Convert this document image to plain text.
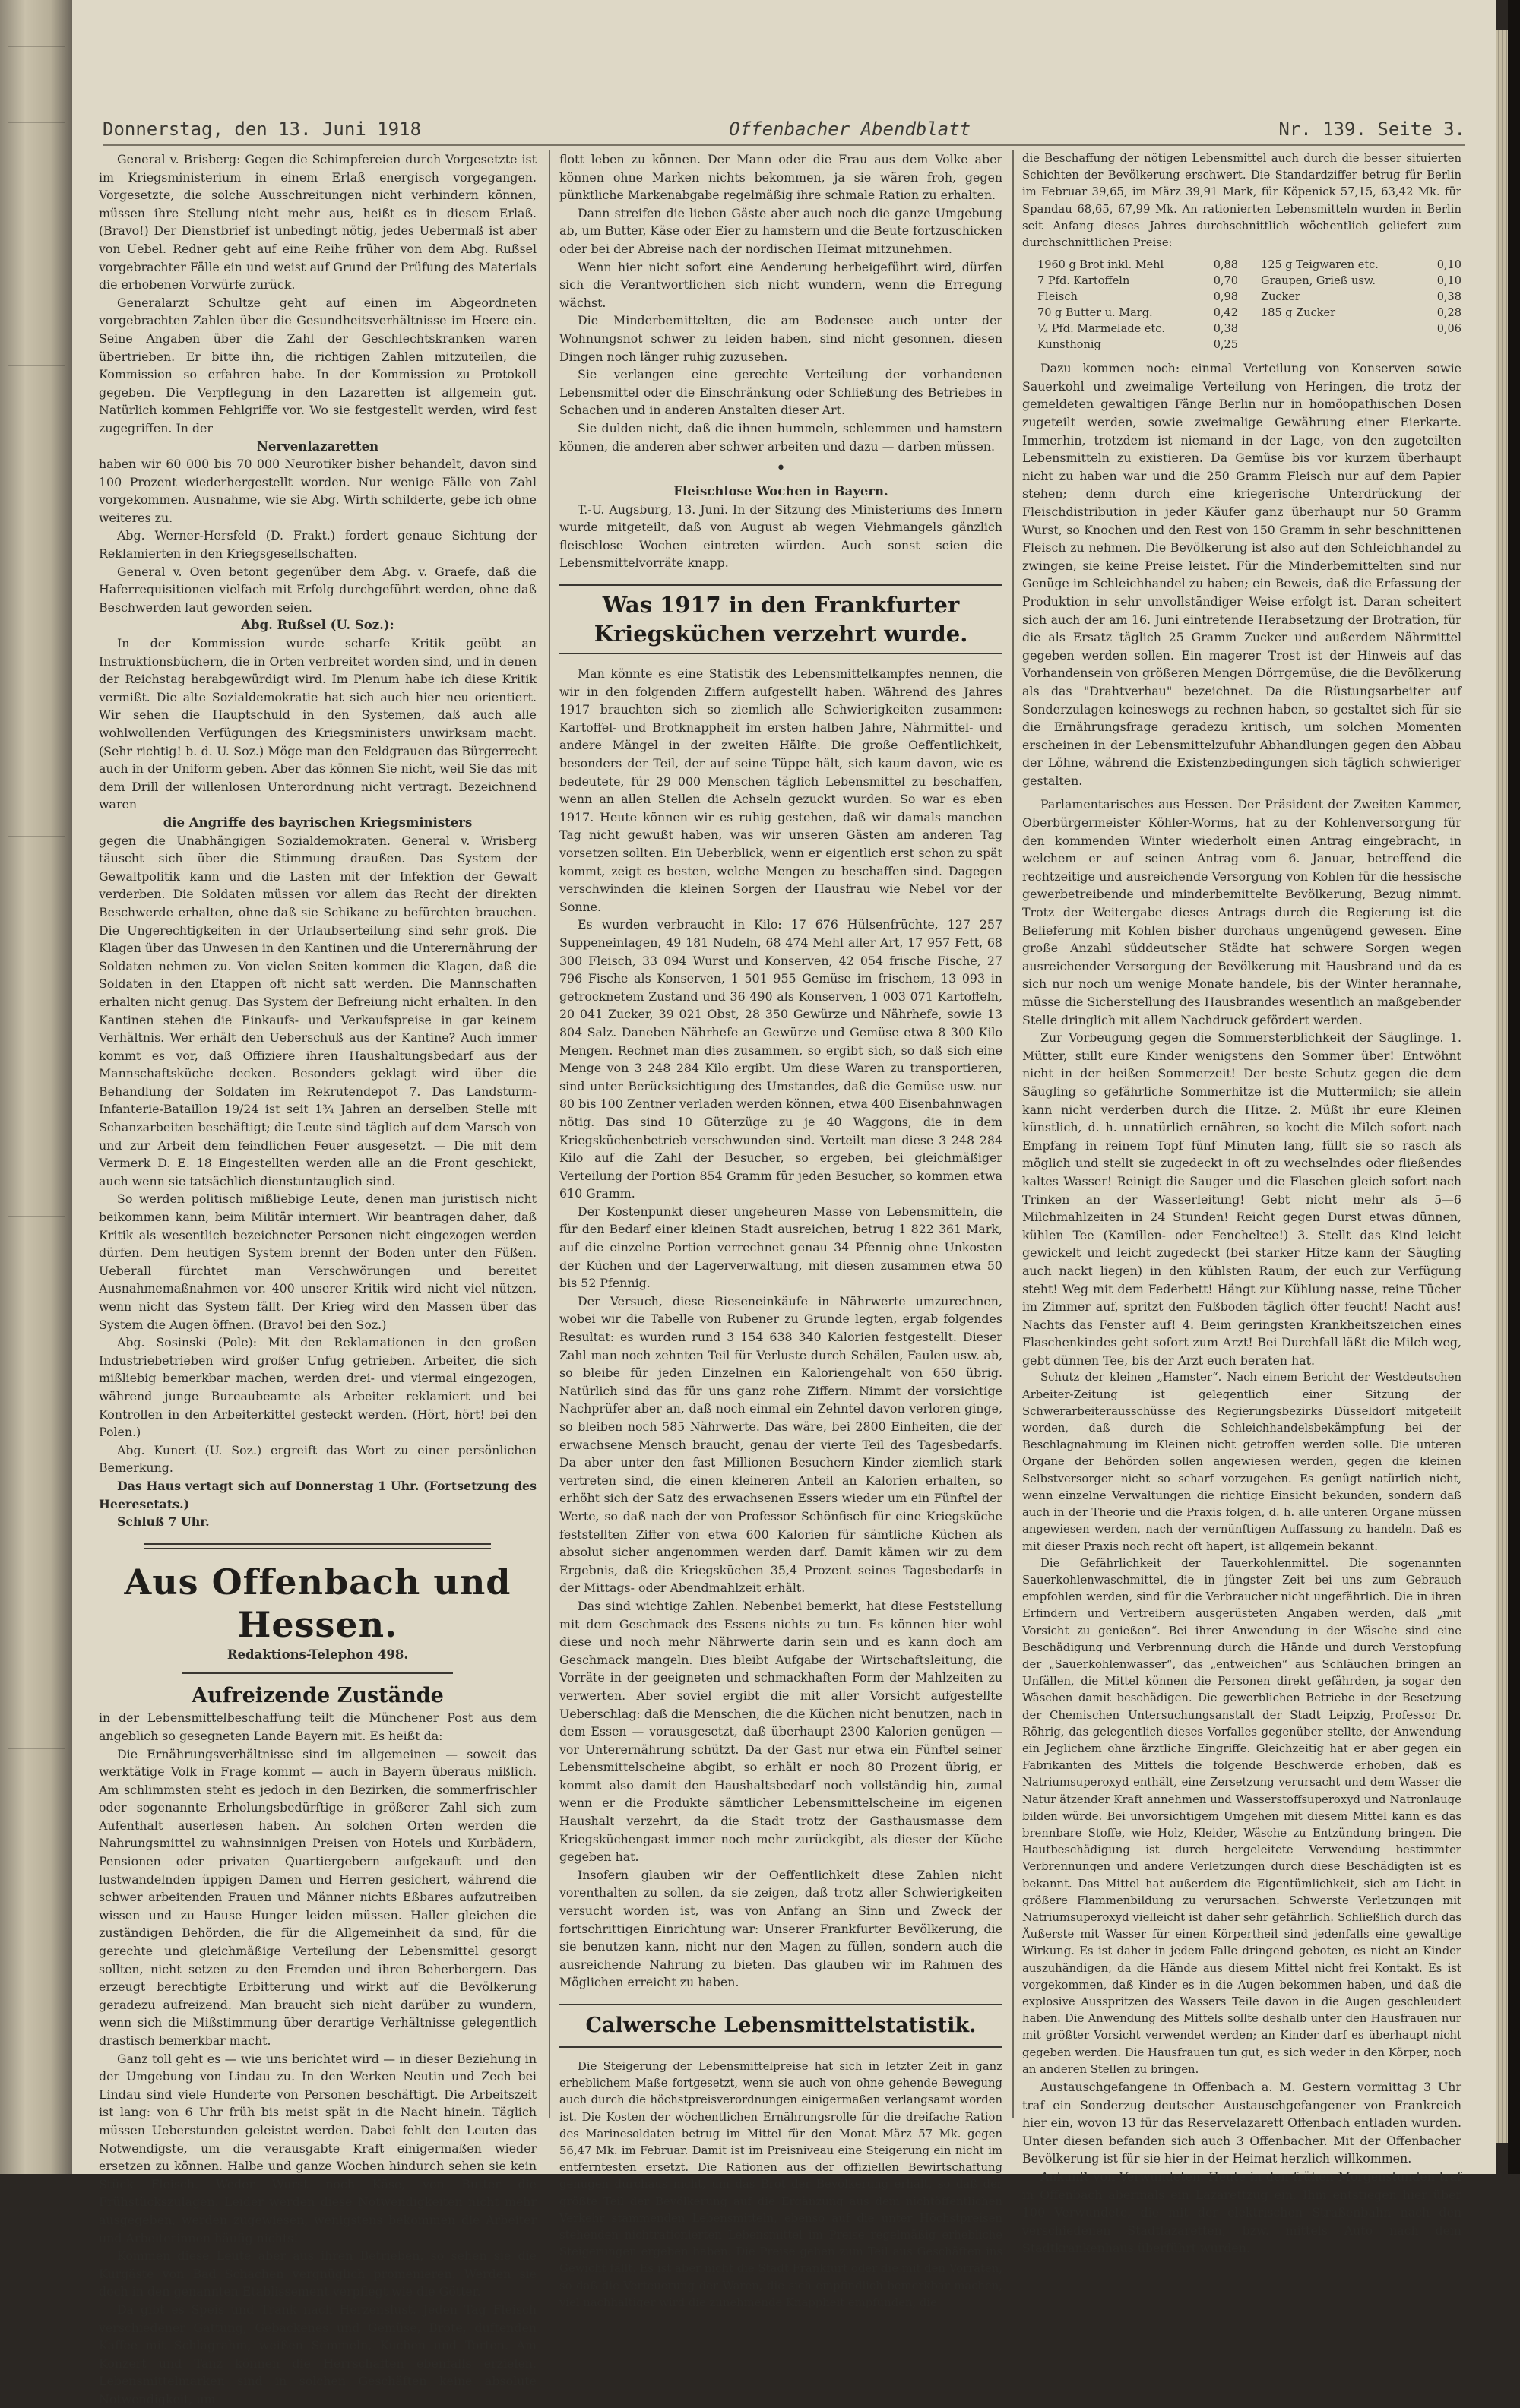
Donnerstag, den 13. Juni 1918	Offenbacher Abendblatt	Nr. 139. Seite 3.

General v. Brisberg: Gegen die Schimpfereien durch Vorgesetzte ist im Kriegsministerium in einem Erlaß energisch vorgegangen. Vorgesetzte, die solche Ausschreitungen nicht verhindern können, müssen ihre Stellung nicht mehr aus, heißt es in diesem Erlaß. (Bravo!) Der Dienstbrief ist unbedingt nötig, jedes Uebermaß ist aber von Uebel. Redner geht auf eine Reihe früher von dem Abg. Rußsel vorgebrachter Fälle ein und weist auf Grund der Prüfung des Materials die erhobenen Vorwürfe zurück.

Generalarzt Schultze geht auf einen im Abgeordneten vorgebrachten Zahlen über die Gesundheitsverhältnisse im Heere ein. Seine Angaben über die Zahl der Geschlechtskranken waren übertrieben. Er bitte ihn, die richtigen Zahlen mitzuteilen, die Kommission so erfahren habe. In der Kommission zu Protokoll gegeben. Die Verpflegung in den Lazaretten ist allgemein gut. Natürlich kommen Fehlgriffe vor. Wo sie festgestellt werden, wird fest zugegriffen. In der

Nervenlazaretten

haben wir 60 000 bis 70 000 Neurotiker bisher behandelt, davon sind 100 Prozent wiederhergestellt worden. Nur wenige Fälle von Zahl vorgekommen. Ausnahme, wie sie Abg. Wirth schilderte, gebe ich ohne weiteres zu.

Abg. Werner-Hersfeld (D. Frakt.) fordert genaue Sichtung der Reklamierten in den Kriegsgesellschaften.

General v. Oven betont gegenüber dem Abg. v. Graefe, daß die Haferrequisitionen vielfach mit Erfolg durchgeführt werden, ohne daß Beschwerden laut geworden seien.

Abg. Rußsel (U. Soz.):

In der Kommission wurde scharfe Kritik geübt an Instruktionsbüchern, die in Orten verbreitet worden sind, und in denen der Reichstag herabgewürdigt wird. Im Plenum habe ich diese Kritik vermißt. Die alte Sozialdemokratie hat sich auch hier neu orientiert. Wir sehen die Hauptschuld in den Systemen, daß auch alle wohlwollenden Verfügungen des Kriegsministers unwirksam macht. (Sehr richtig! b. d. U. Soz.) Möge man den Feldgrauen das Bürgerrecht auch in der Uniform geben. Aber das können Sie nicht, weil Sie das mit dem Drill der willenlosen Unterordnung nicht vertragt. Bezeichnend waren

die Angriffe des bayrischen Kriegsministers

gegen die Unabhängigen Sozialdemokraten. General v. Wrisberg täuscht sich über die Stimmung draußen. Das System der Gewaltpolitik kann und die Lasten mit der Infektion der Gewalt verderben. Die Soldaten müssen vor allem das Recht der direkten Beschwerde erhalten, ohne daß sie Schikane zu befürchten brauchen. Die Ungerechtigkeiten in der Urlaubserteilung sind sehr groß. Die Klagen über das Unwesen in den Kantinen und die Unterernährung der Soldaten nehmen zu. Von vielen Seiten kommen die Klagen, daß die Soldaten in den Etappen oft nicht satt werden. Die Mannschaften erhalten nicht genug. Das System der Befreiung nicht erhalten. In den Kantinen stehen die Einkaufs- und Verkaufspreise in gar keinem Verhältnis. Wer erhält den Ueberschuß aus der Kantine? Auch immer kommt es vor, daß Offiziere ihren Haushaltungsbedarf aus der Mannschaftsküche decken. Besonders geklagt wird über die Behandlung der Soldaten im Rekrutendepot 7. Das Landsturm-Infanterie-Bataillon 19/24 ist seit 1¾ Jahren an derselben Stelle mit Schanzarbeiten beschäftigt; die Leute sind täglich auf dem Marsch von und zur Arbeit dem feindlichen Feuer ausgesetzt. — Die mit dem Vermerk D. E. 18 Eingestellten werden alle an die Front geschickt, auch wenn sie tatsächlich dienstuntauglich sind.

So werden politisch mißliebige Leute, denen man juristisch nicht beikommen kann, beim Militär interniert. Wir beantragen daher, daß Kritik als wesentlich bezeichneter Personen nicht eingezogen werden dürfen. Dem heutigen System brennt der Boden unter den Füßen. Ueberall fürchtet man Verschwörungen und bereitet Ausnahmemaßnahmen vor. 400 unserer Kritik wird nicht viel nützen, wenn nicht das System fällt. Der Krieg wird den Massen über das System die Augen öffnen. (Bravo! bei den Soz.)

Abg. Sosinski (Pole): Mit den Reklamationen in den großen Industriebetrieben wird großer Unfug getrieben. Arbeiter, die sich mißliebig bemerkbar machen, werden drei- und viermal eingezogen, während junge Bureaubeamte als Arbeiter reklamiert und bei Kontrollen in den Arbeiterkittel gesteckt werden. (Hört, hört! bei den Polen.)

Abg. Kunert (U. Soz.) ergreift das Wort zu einer persönlichen Bemerkung.

Das Haus vertagt sich auf Donnerstag 1 Uhr. (Fortsetzung des Heeresetats.)

Schluß 7 Uhr.

Aus Offenbach und Hessen.

Redaktions-Telephon 498.

Aufreizende Zustände

in der Lebensmittelbeschaffung teilt die Münchener Post aus dem angeblich so gesegneten Lande Bayern mit. Es heißt da:

Die Ernährungsverhältnisse sind im allgemeinen — soweit das werktätige Volk in Frage kommt — auch in Bayern überaus mißlich. Am schlimmsten steht es jedoch in den Bezirken, die sommerfrischler oder sogenannte Erholungsbedürftige in größerer Zahl sich zum Aufenthalt auserlesen haben. An solchen Orten werden die Nahrungsmittel zu wahnsinnigen Preisen von Hotels und Kurbädern, Pensionen oder privaten Quartiergebern aufgekauft und den lustwandelnden üppigen Damen und Herren gesichert, während die schwer arbeitenden Frauen und Männer nichts Eßbares aufzutreiben wissen und zu Hause Hunger leiden müssen. Haller gleichen die zuständigen Behörden, die für die Allgemeinheit da sind, für die gerechte und gleichmäßige Verteilung der Lebensmittel gesorgt sollten, nicht setzen zu den Fremden und ihren Beherbergern. Das erzeugt berechtigte Erbitterung und wirkt auf die Bevölkerung geradezu aufreizend. Man braucht sich nicht darüber zu wundern, wenn sich die Mißstimmung über derartige Verhältnisse gelegentlich drastisch bemerkbar macht.

Ganz toll geht es — wie uns berichtet wird — in dieser Beziehung in der Umgebung von Lindau zu. In den Werken Neutin und Zech bei Lindau sind viele Hunderte von Personen beschäftigt. Die Arbeitszeit ist lang: von 6 Uhr früh bis meist spät in die Nacht hinein. Täglich müssen Ueberstunden geleistet werden. Dabei fehlt den Leuten das Notwendigste, um die verausgabte Kraft einigermaßen wieder ersetzen zu können. Halbe und ganze Wochen hindurch sehen sie kein Stück Fleisch. Weder Wurst noch Käse, von Butter die Frühstückszulagen. Leider werden diese Notwendigkeiten nicht mehr ausgegeben, werden zugewiesen, wenigstens bekommen die Arbeiter und Arbeiterinnen häufig nichts!

Kommen diese Leute aber aus ihren Betrieben, so sehen sie die Kurgäste von Bad Schachen vergnüglich promenieren. Werden sie doch in den genannten Etablissement verpflegt wie die Götter.

Da gibt es Speis und Trank nach Herzenslust. Jeden Tag Fleisch verschiedener Gattung, Gebackenes und Gemüse, Brote, duftenden Kaffee mit Schlagrahm, weißen Semmeln, Kuchen und Torten. Am Konzert und Tanz können die Herrschaften ebenfalls erzielen. Lebensmittelmarken sind in solchen Geschäften keine absolute Notwendigkeit, um

flott leben zu können. Der Mann oder die Frau aus dem Volke aber können ohne Marken nichts bekommen, ja sie wären froh, gegen pünktliche Markenabgabe regelmäßig ihre schmale Ration zu erhalten.

Dann streifen die lieben Gäste aber auch noch die ganze Umgebung ab, um Butter, Käse oder Eier zu hamstern und die Beute fortzuschicken oder bei der Abreise nach der nordischen Heimat mitzunehmen.

Wenn hier nicht sofort eine Aenderung herbeigeführt wird, dürfen sich die Verantwortlichen sich nicht wundern, wenn die Erregung wächst.

Die Minderbemittelten, die am Bodensee auch unter der Wohnungsnot schwer zu leiden haben, sind nicht gesonnen, diesen Dingen noch länger ruhig zuzusehen.

Sie verlangen eine gerechte Verteilung der vorhandenen Lebensmittel oder die Einschränkung oder Schließung des Betriebes in Schachen und in anderen Anstalten dieser Art.

Sie dulden nicht, daß die ihnen hummeln, schlemmen und hamstern können, die anderen aber schwer arbeiten und dazu — darben müssen.

•

Fleischlose Wochen in Bayern.

T.-U. Augsburg, 13. Juni. In der Sitzung des Ministeriums des Innern wurde mitgeteilt, daß von August ab wegen Viehmangels gänzlich fleischlose Wochen eintreten würden. Auch sonst seien die Lebensmittelvorräte knapp.

Was 1917 in den Frankfurter Kriegsküchen verzehrt wurde.

Man könnte es eine Statistik des Lebensmittelkampfes nennen, die wir in den folgenden Ziffern aufgestellt haben. Während des Jahres 1917 brauchten sich so ziemlich alle Schwierigkeiten zusammen: Kartoffel- und Brotknappheit im ersten halben Jahre, Nährmittel- und andere Mängel in der zweiten Hälfte. Die große Oeffentlichkeit, besonders der Teil, der auf seine Tüppe hält, sich kaum davon, wie es bedeutete, für 29 000 Menschen täglich Lebensmittel zu beschaffen, wenn an allen Stellen die Achseln gezuckt wurden. So war es eben 1917. Heute können wir es ruhig gestehen, daß wir damals manchen Tag nicht gewußt haben, was wir unseren Gästen am anderen Tag vorsetzen sollten. Ein Ueberblick, wenn er eigentlich erst schon zu spät kommt, zeigt es besten, welche Mengen zu beschaffen sind. Dagegen verschwinden die kleinen Sorgen der Hausfrau wie Nebel vor der Sonne.

Es wurden verbraucht in Kilo: 17 676 Hülsenfrüchte, 127 257 Suppeneinlagen, 49 181 Nudeln, 68 474 Mehl aller Art, 17 957 Fett, 68 300 Fleisch, 33 094 Wurst und Konserven, 42 054 frische Fische, 27 796 Fische als Konserven, 1 501 955 Gemüse im frischem, 13 093 in getrocknetem Zustand und 36 490 als Konserven, 1 003 071 Kartoffeln, 20 041 Zucker, 39 021 Obst, 28 350 Gewürze und Nährhefe, sowie 13 804 Salz. Daneben Nährhefe an Gewürze und Gemüse etwa 8 300 Kilo Mengen. Rechnet man dies zusammen, so ergibt sich, so daß sich eine Menge von 3 248 284 Kilo ergibt. Um diese Waren zu transportieren, sind unter Berücksichtigung des Umstandes, daß die Gemüse usw. nur 80 bis 100 Zentner verladen werden können, etwa 400 Eisenbahnwagen nötig. Das sind 10 Güterzüge zu je 40 Waggons, die in dem Kriegsküchenbetrieb verschwunden sind. Verteilt man diese 3 248 284 Kilo auf die Zahl der Besucher, so ergeben, bei gleichmäßiger Verteilung der Portion 854 Gramm für jeden Besucher, so kommen etwa 610 Gramm.

Der Kostenpunkt dieser ungeheuren Masse von Lebensmitteln, die für den Bedarf einer kleinen Stadt ausreichen, betrug 1 822 361 Mark, auf die einzelne Portion verrechnet genau 34 Pfennig ohne Unkosten der Küchen und der Lagerverwaltung, mit diesen zusammen etwa 50 bis 52 Pfennig.

Der Versuch, diese Rieseneinkäufe in Nährwerte umzurechnen, wobei wir die Tabelle von Rubener zu Grunde legten, ergab folgendes Resultat: es wurden rund 3 154 638 340 Kalorien festgestellt. Dieser Zahl man noch zehnten Teil für Verluste durch Schälen, Faulen usw. ab, so bleibe für jeden Einzelnen ein Kaloriengehalt von 650 übrig. Natürlich sind das für uns ganz rohe Ziffern. Nimmt der vorsichtige Nachprüfer aber an, daß noch einmal ein Zehntel davon verloren ginge, so bleiben noch 585 Nährwerte. Das wäre, bei 2800 Einheiten, die der erwachsene Mensch braucht, genau der vierte Teil des Tagesbedarfs. Da aber unter den fast Millionen Besuchern Kinder ziemlich stark vertreten sind, die einen kleineren Anteil an Kalorien erhalten, so erhöht sich der Satz des erwachsenen Essers wieder um ein Fünftel der Werte, so daß nach der von Professor Schönfisch für eine Kriegsküche feststellten Ziffer von etwa 600 Kalorien für sämtliche Küchen als absolut sicher angenommen werden darf. Damit kämen wir zu dem Ergebnis, daß die Kriegsküchen 35,4 Prozent seines Tagesbedarfs in der Mittags- oder Abendmahlzeit erhält.

Das sind wichtige Zahlen. Nebenbei bemerkt, hat diese Feststellung mit dem Geschmack des Essens nichts zu tun. Es können hier wohl diese und noch mehr Nährwerte darin sein und es kann doch am Geschmack mangeln. Dies bleibt Aufgabe der Wirtschaftsleitung, die Vorräte in der geeigneten und schmackhaften Form der Mahlzeiten zu verwerten. Aber soviel ergibt die mit aller Vorsicht aufgestellte Ueberschlag: daß die Menschen, die die Küchen nicht benutzen, nach in dem Essen — vorausgesetzt, daß überhaupt 2300 Kalorien genügen — vor Unterernährung schützt. Da der Gast nur etwa ein Fünftel seiner Lebensmittelscheine abgibt, so erhält er noch 80 Prozent übrig, er kommt also damit den Haushaltsbedarf noch vollständig hin, zumal wenn er die Produkte sämtlicher Lebensmittelscheine im eigenen Haushalt verzehrt, da die Stadt trotz der Gasthausmasse dem Kriegsküchengast immer noch mehr zurückgibt, als dieser der Küche gegeben hat.

Insofern glauben wir der Oeffentlichkeit diese Zahlen nicht vorenthalten zu sollen, da sie zeigen, daß trotz aller Schwierigkeiten versucht worden ist, was von Anfang an Sinn und Zweck der fortschrittigen Einrichtung war: Unserer Frankfurter Bevölkerung, die sie benutzen kann, nicht nur den Magen zu füllen, sondern auch die ausreichende Nahrung zu bieten. Das glauben wir im Rahmen des Möglichen erreicht zu haben.

Calwersche Lebensmittelstatistik.

Die Steigerung der Lebensmittelpreise hat sich in letzter Zeit in ganz erheblichem Maße fortgesetzt, wenn sie auch von ohne gehende Bewegung auch durch die höchstpreisverordnungen einigermaßen verlangsamt worden ist. Die Kosten der wöchentlichen Ernährungsrolle für die dreifache Ration des Marinesoldaten betrug im Mittel für den Monat März 57 Mk. gegen 56,47 Mk. im Februar. Damit ist im Preisniveau eine Steigerung ein nicht im entferntesten ersetzt. Die Rationen aus der offiziellen Bewirtschaftung genügen durchaus nicht, um das Brot der Bevölkerung erhält, so daß der größte Teil der Bevölkerung auf die Ergänzung aus dem nichtöffentlichen Verkehr stammenden Lebensmitteln, ebenso auf die unter Höchstpreisen stehenden nichtrationierten Lebensmittel im Preise regelmäßig erhebliche Steigerungen ergeben haben. Die Preise gehen zum Teil aus Geschäften ins Gewicht fällt. Es ist aber nicht die Stadt Frankfurt oder die mit den Vorräten, so daß die Verteuerung der Waren, die sich empfindlich bemerkbar machen, viel nachhaltiger wird die zunehmende Knappheit empfunden, die

die Beschaffung der nötigen Lebensmittel auch durch die besser situierten Schichten der Bevölkerung erschwert. Die Standardziffer betrug für Berlin im Februar 39,65, im März 39,91 Mark, für Köpenick 57,15, 63,42 Mk. für Spandau 68,65, 67,99 Mk. An rationierten Lebensmitteln wurden in Berlin seit Anfang dieses Jahres durchschnittlich wöchentlich geliefert zum durchschnittlichen Preise:

1960 g Brot inkl. Mehl	0,88
7 Pfd. Kartoffeln	0,70
Fleisch	0,98
70 g Butter u. Marg.	0,42
½ Pfd. Marmelade etc.	0,38
Kunsthonig	0,25
125 g Teigwaren etc.	0,10
Graupen, Grieß usw.	0,10
Zucker	0,38
185 g Zucker	0,28
0,06

Dazu kommen noch: einmal Verteilung von Konserven sowie Sauerkohl und zweimalige Verteilung von Heringen, die trotz der gemeldeten gewaltigen Fänge Berlin nur in homöopathischen Dosen zugeteilt werden, sowie zweimalige Gewährung einer Eierkarte. Immerhin, trotzdem ist niemand in der Lage, von den zugeteilten Lebensmitteln zu existieren. Da Gemüse bis vor kurzem überhaupt nicht zu haben war und die 250 Gramm Fleisch nur auf dem Papier stehen; denn durch eine kriegerische Unterdrückung der Fleischdistribution in jeder Käufer ganz überhaupt nur 50 Gramm Wurst, so Knochen und den Rest von 150 Gramm in sehr beschnittenen Fleisch zu nehmen. Die Bevölkerung ist also auf den Schleichhandel zu zwingen, sie keine Preise leistet. Für die Minderbemittelten sind nur Genüge im Schleichhandel zu haben; ein Beweis, daß die Erfassung der Produktion in sehr unvollständiger Weise erfolgt ist. Daran scheitert sich auch der am 16. Juni eintretende Herabsetzung der Brotration, für die als Ersatz täglich 25 Gramm Zucker und außerdem Nährmittel gegeben werden sollen. Ein magerer Trost ist der Hinweis auf das Vorhandensein von größeren Mengen Dörrgemüse, die die Bevölkerung als das "Drahtverhau" bezeichnet. Da die Rüstungsarbeiter auf Sonderzulagen keineswegs zu rechnen haben, so gestaltet sich für sie die Ernährungsfrage geradezu kritisch, um solchen Momenten erscheinen in der Lebensmittelzufuhr Abhandlungen gegen den Abbau der Löhne, während die Existenzbedingungen sich täglich schwieriger gestalten.

Parlamentarisches aus Hessen. Der Präsident der Zweiten Kammer, Oberbürgermeister Köhler-Worms, hat zu der Kohlenversorgung für den kommenden Winter wiederholt einen Antrag eingebracht, in welchem er auf seinen Antrag vom 6. Januar, betreffend die rechtzeitige und ausreichende Versorgung von Kohlen für die hessische gewerbetreibende und minderbemittelte Bevölkerung, Bezug nimmt. Trotz der Weitergabe dieses Antrags durch die Regierung ist die Belieferung mit Kohlen bisher durchaus ungenügend gewesen. Eine große Anzahl süddeutscher Städte hat schwere Sorgen wegen ausreichender Versorgung der Bevölkerung mit Hausbrand und da es sich nur noch um wenige Monate handele, bis der Winter herannahe, müsse die Sicherstellung des Hausbrandes wesentlich an maßgebender Stelle dringlich mit allem Nachdruck gefördert werden.

Zur Vorbeugung gegen die Sommersterblichkeit der Säuglinge. 1. Mütter, stillt eure Kinder wenigstens den Sommer über! Entwöhnt nicht in der heißen Sommerzeit! Der beste Schutz gegen die dem Säugling so gefährliche Sommerhitze ist die Muttermilch; sie allein kann nicht verderben durch die Hitze. 2. Müßt ihr eure Kleinen künstlich, d. h. unnatürlich ernähren, so kocht die Milch sofort nach Empfang in reinem Topf fünf Minuten lang, füllt sie so rasch als möglich und stellt sie zugedeckt in oft zu wechselndes oder fließendes kaltes Wasser! Reinigt die Sauger und die Flaschen gleich sofort nach Trinken an der Wasserleitung! Gebt nicht mehr als 5—6 Milchmahlzeiten in 24 Stunden! Reicht gegen Durst etwas dünnen, kühlen Tee (Kamillen- oder Fencheltee!) 3. Stellt das Kind leicht gewickelt und leicht zugedeckt (bei starker Hitze kann der Säugling auch nackt liegen) in den kühlsten Raum, der euch zur Verfügung steht! Weg mit dem Federbett! Hängt zur Kühlung nasse, reine Tücher im Zimmer auf, spritzt den Fußboden täglich öfter feucht! Nacht aus! Nachts das Fenster auf! 4. Beim geringsten Krankheitszeichen eines Flaschenkindes geht sofort zum Arzt! Bei Durchfall läßt die Milch weg, gebt dünnen Tee, bis der Arzt euch beraten hat.

Schutz der kleinen „Hamster“. Nach einem Bericht der Westdeutschen Arbeiter-Zeitung ist gelegentlich einer Sitzung der Schwerarbeiterausschüsse des Regierungsbezirks Düsseldorf mitgeteilt worden, daß durch die Schleichhandelsbekämpfung bei der Beschlagnahmung im Kleinen nicht getroffen werden solle. Die unteren Organe der Behörden sollen angewiesen werden, gegen die kleinen Selbstversorger nicht so scharf vorzugehen. Es genügt natürlich nicht, wenn einzelne Verwaltungen die richtige Einsicht bekunden, sondern daß auch in der Theorie und die Praxis folgen, d. h. alle unteren Organe müssen angewiesen werden, nach der vernünftigen Auffassung zu handeln. Daß es mit dieser Praxis noch recht oft hapert, ist allgemein bekannt.

Die Gefährlichkeit der Tauerkohlenmittel. Die sogenannten Sauerkohlenwaschmittel, die in jüngster Zeit bei uns zum Gebrauch empfohlen werden, sind für die Verbraucher nicht ungefährlich. Die in ihren Erfindern und Vertreibern ausgerüsteten Angaben werden, daß „mit Vorsicht zu genießen“. Bei ihrer Anwendung in der Wäsche sind eine Beschädigung und Verbrennung durch die Hände und durch Verstopfung der „Sauerkohlenwasser“, das „entweichen“ aus Schläuchen bringen an Unfällen, die Mittel können die Personen direkt gefährden, ja sogar den Wäschen damit beschädigen. Die gewerblichen Betriebe in der Besetzung der Chemischen Untersuchungsanstalt der Stadt Leipzig, Professor Dr. Röhrig, das gelegentlich dieses Vorfalles gegenüber stellte, der Anwendung ein Jeglichem ohne ärztliche Eingriffe. Gleichzeitig hat er aber gegen ein Fabrikanten des Mittels die folgende Beschwerde erhoben, daß es Natriumsuperoxyd enthält, eine Zersetzung verursacht und dem Wasser die Natur ätzender Kraft annehmen und Wasserstoffsuperoxyd und Natronlauge bilden würde. Bei unvorsichtigem Umgehen mit diesem Mittel kann es das brennbare Stoffe, wie Holz, Kleider, Wäsche zu Entzündung bringen. Die Hautbeschädigung ist durch hergeleitete Verwendung bestimmter Verbrennungen und andere Verletzungen durch diese Beschädigten ist es bekannt. Das Mittel hat außerdem die Eigentümlichkeit, sich am Licht in größere Flammenbildung zu verursachen. Schwerste Verletzungen mit Natriumsuperoxyd vielleicht ist daher sehr gefährlich. Schließlich durch das Äußerste mit Wasser für einen Körpertheil sind jedenfalls eine gewaltige Wirkung. Es ist daher in jedem Falle dringend geboten, es nicht an Kinder auszuhändigen, da die Hände aus diesem Mittel nicht frei Kontakt. Es ist vorgekommen, daß Kinder es in die Augen bekommen haben, und daß die explosive Ausspritzen des Wassers Teile davon in die Augen geschleudert haben. Die Anwendung des Mittels sollte deshalb unter den Hausfrauen nur mit größter Vorsicht verwendet werden; an Kinder darf es überhaupt nicht gegeben werden. Die Hausfrauen tun gut, es sich weder in den Körper, noch an anderen Stellen zu bringen.

Austauschgefangene in Offenbach a. M. Gestern vormittag 3 Uhr traf ein Sonderzug deutscher Austauschgefangener von Frankreich hier ein, wovon 13 für das Reservelazarett Offenbach entladen wurden. Unter diesen befanden sich auch 3 Offenbacher. Mit der Offenbacher Bevölkerung ist für sie hier in der Heimat herzlich willkommen.

Ankunft von Verwundeten. Heute in den frühen Morgenstunden traf in Offenbach abermals ein Lazarettzug ein. Ihm entstiegen hier über 100 Verwundete, die mit der elektrischen Straßenbahn nach den verschiedenen Stadtlazaretten, bzw. mittels Auto nach dem Stadtkrankenhaus überführt wurden.
